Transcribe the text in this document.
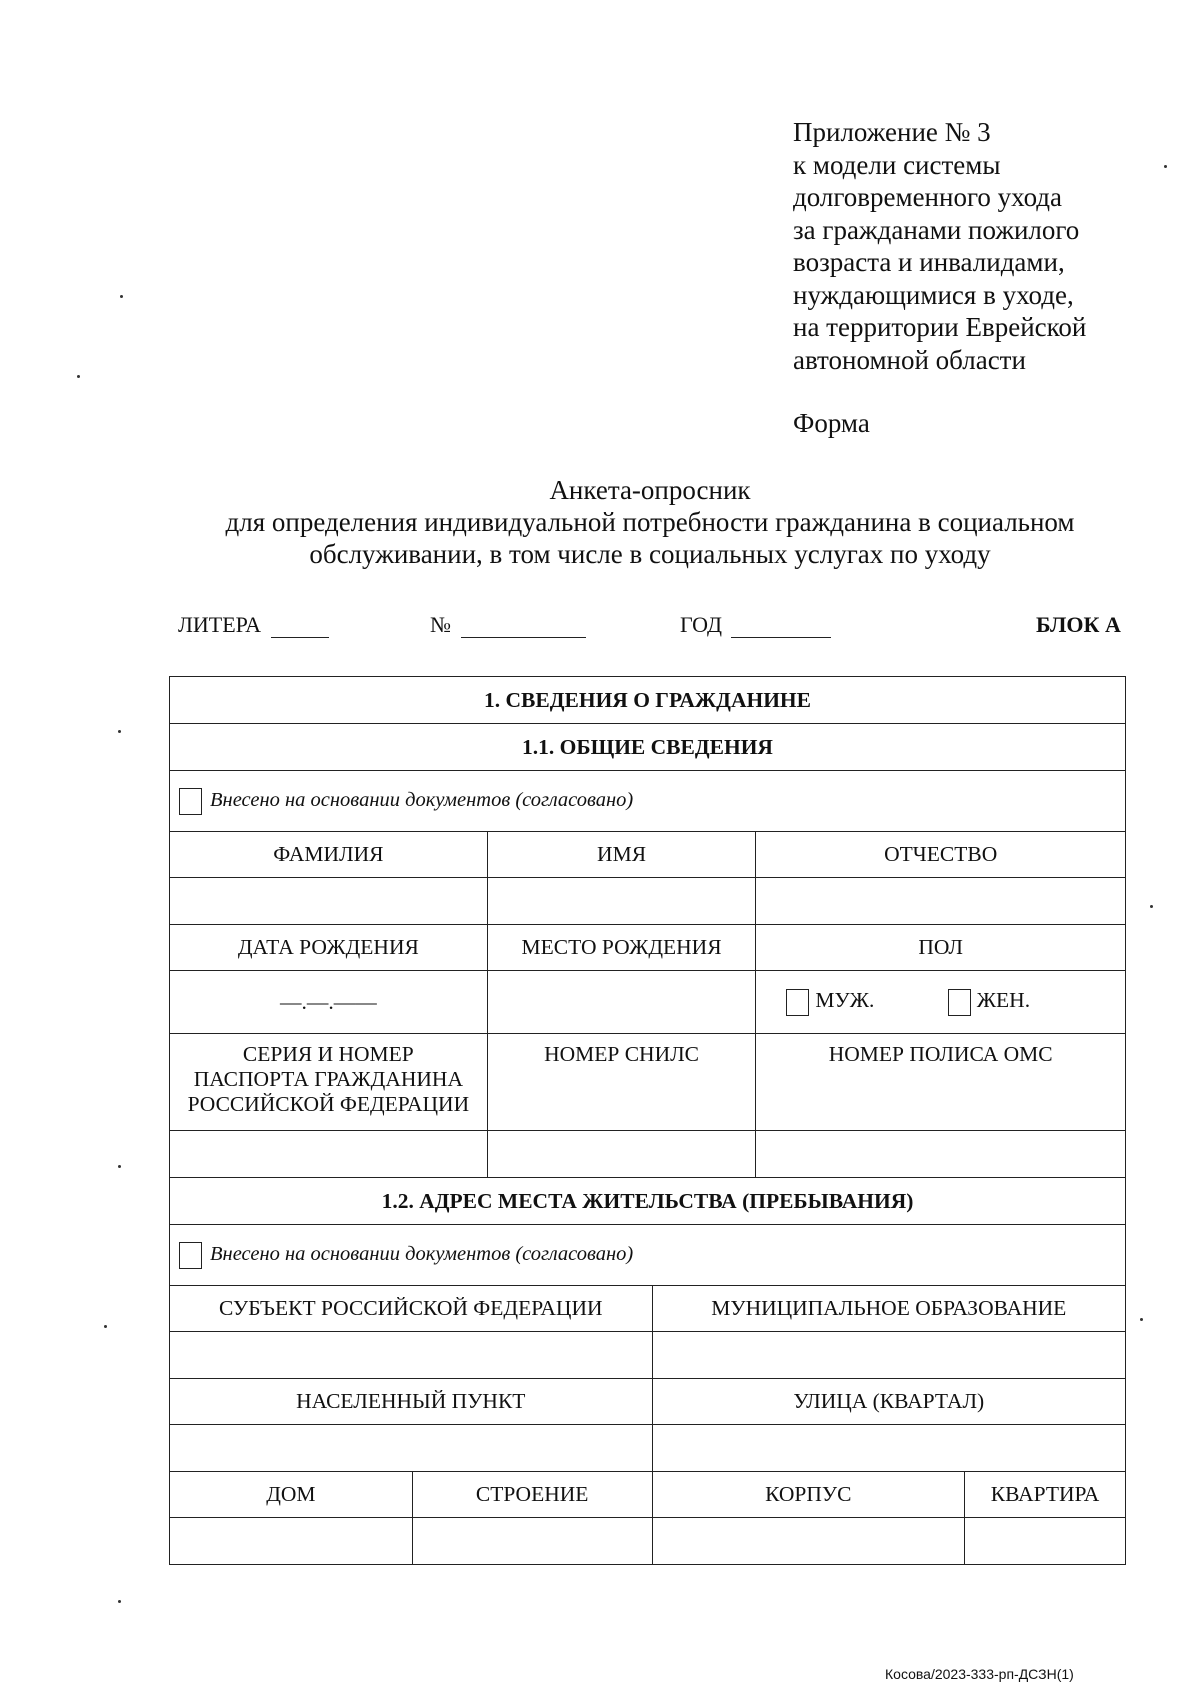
Приложение № 3
к модели системы
долговременного ухода
за гражданами пожилого
возраста и инвалидами,
нуждающимися в уходе,
на территории Еврейской
автономной области
Форма
Анкета-опросник
для определения индивидуальной потребности гражданина в социальном
обслуживании, в том числе в социальных услугах по уходу
ЛИТЕРА	№	ГОД	БЛОК А
1. СВЕДЕНИЯ О ГРАЖДАНИНЕ					
1.1. ОБЩИЕ СВЕДЕНИЯ					
Внесено на основании документов (согласовано)					
ФАМИЛИЯ		ИМЯ		ОТЧЕСТВО	

ДАТА РОЖДЕНИЯ		МЕСТО РОЖДЕНИЯ		ПОЛ	
—.—.——				МУЖ. ЖЕН.	

СЕРИЯ И НОМЕР
ПАСПОРТА ГРАЖДАНИНА
РОССИЙСКОЙ ФЕДЕРАЦИИ		НОМЕР СНИЛС		НОМЕР ПОЛИСА ОМС	

1.2. АДРЕС МЕСТА ЖИТЕЛЬСТВА (ПРЕБЫВАНИЯ)					
Внесено на основании документов (согласовано)					
СУБЪЕКТ РОССИЙСКОЙ ФЕДЕРАЦИИ			МУНИЦИПАЛЬНОЕ ОБРАЗОВАНИЕ		

НАСЕЛЕННЫЙ ПУНКТ			УЛИЦА (КВАРТАЛ)		

ДОМ	СТРОЕНИЕ		КОРПУС		КВАРТИРА

Косова/2023-333-рп-ДСЗН(1)
